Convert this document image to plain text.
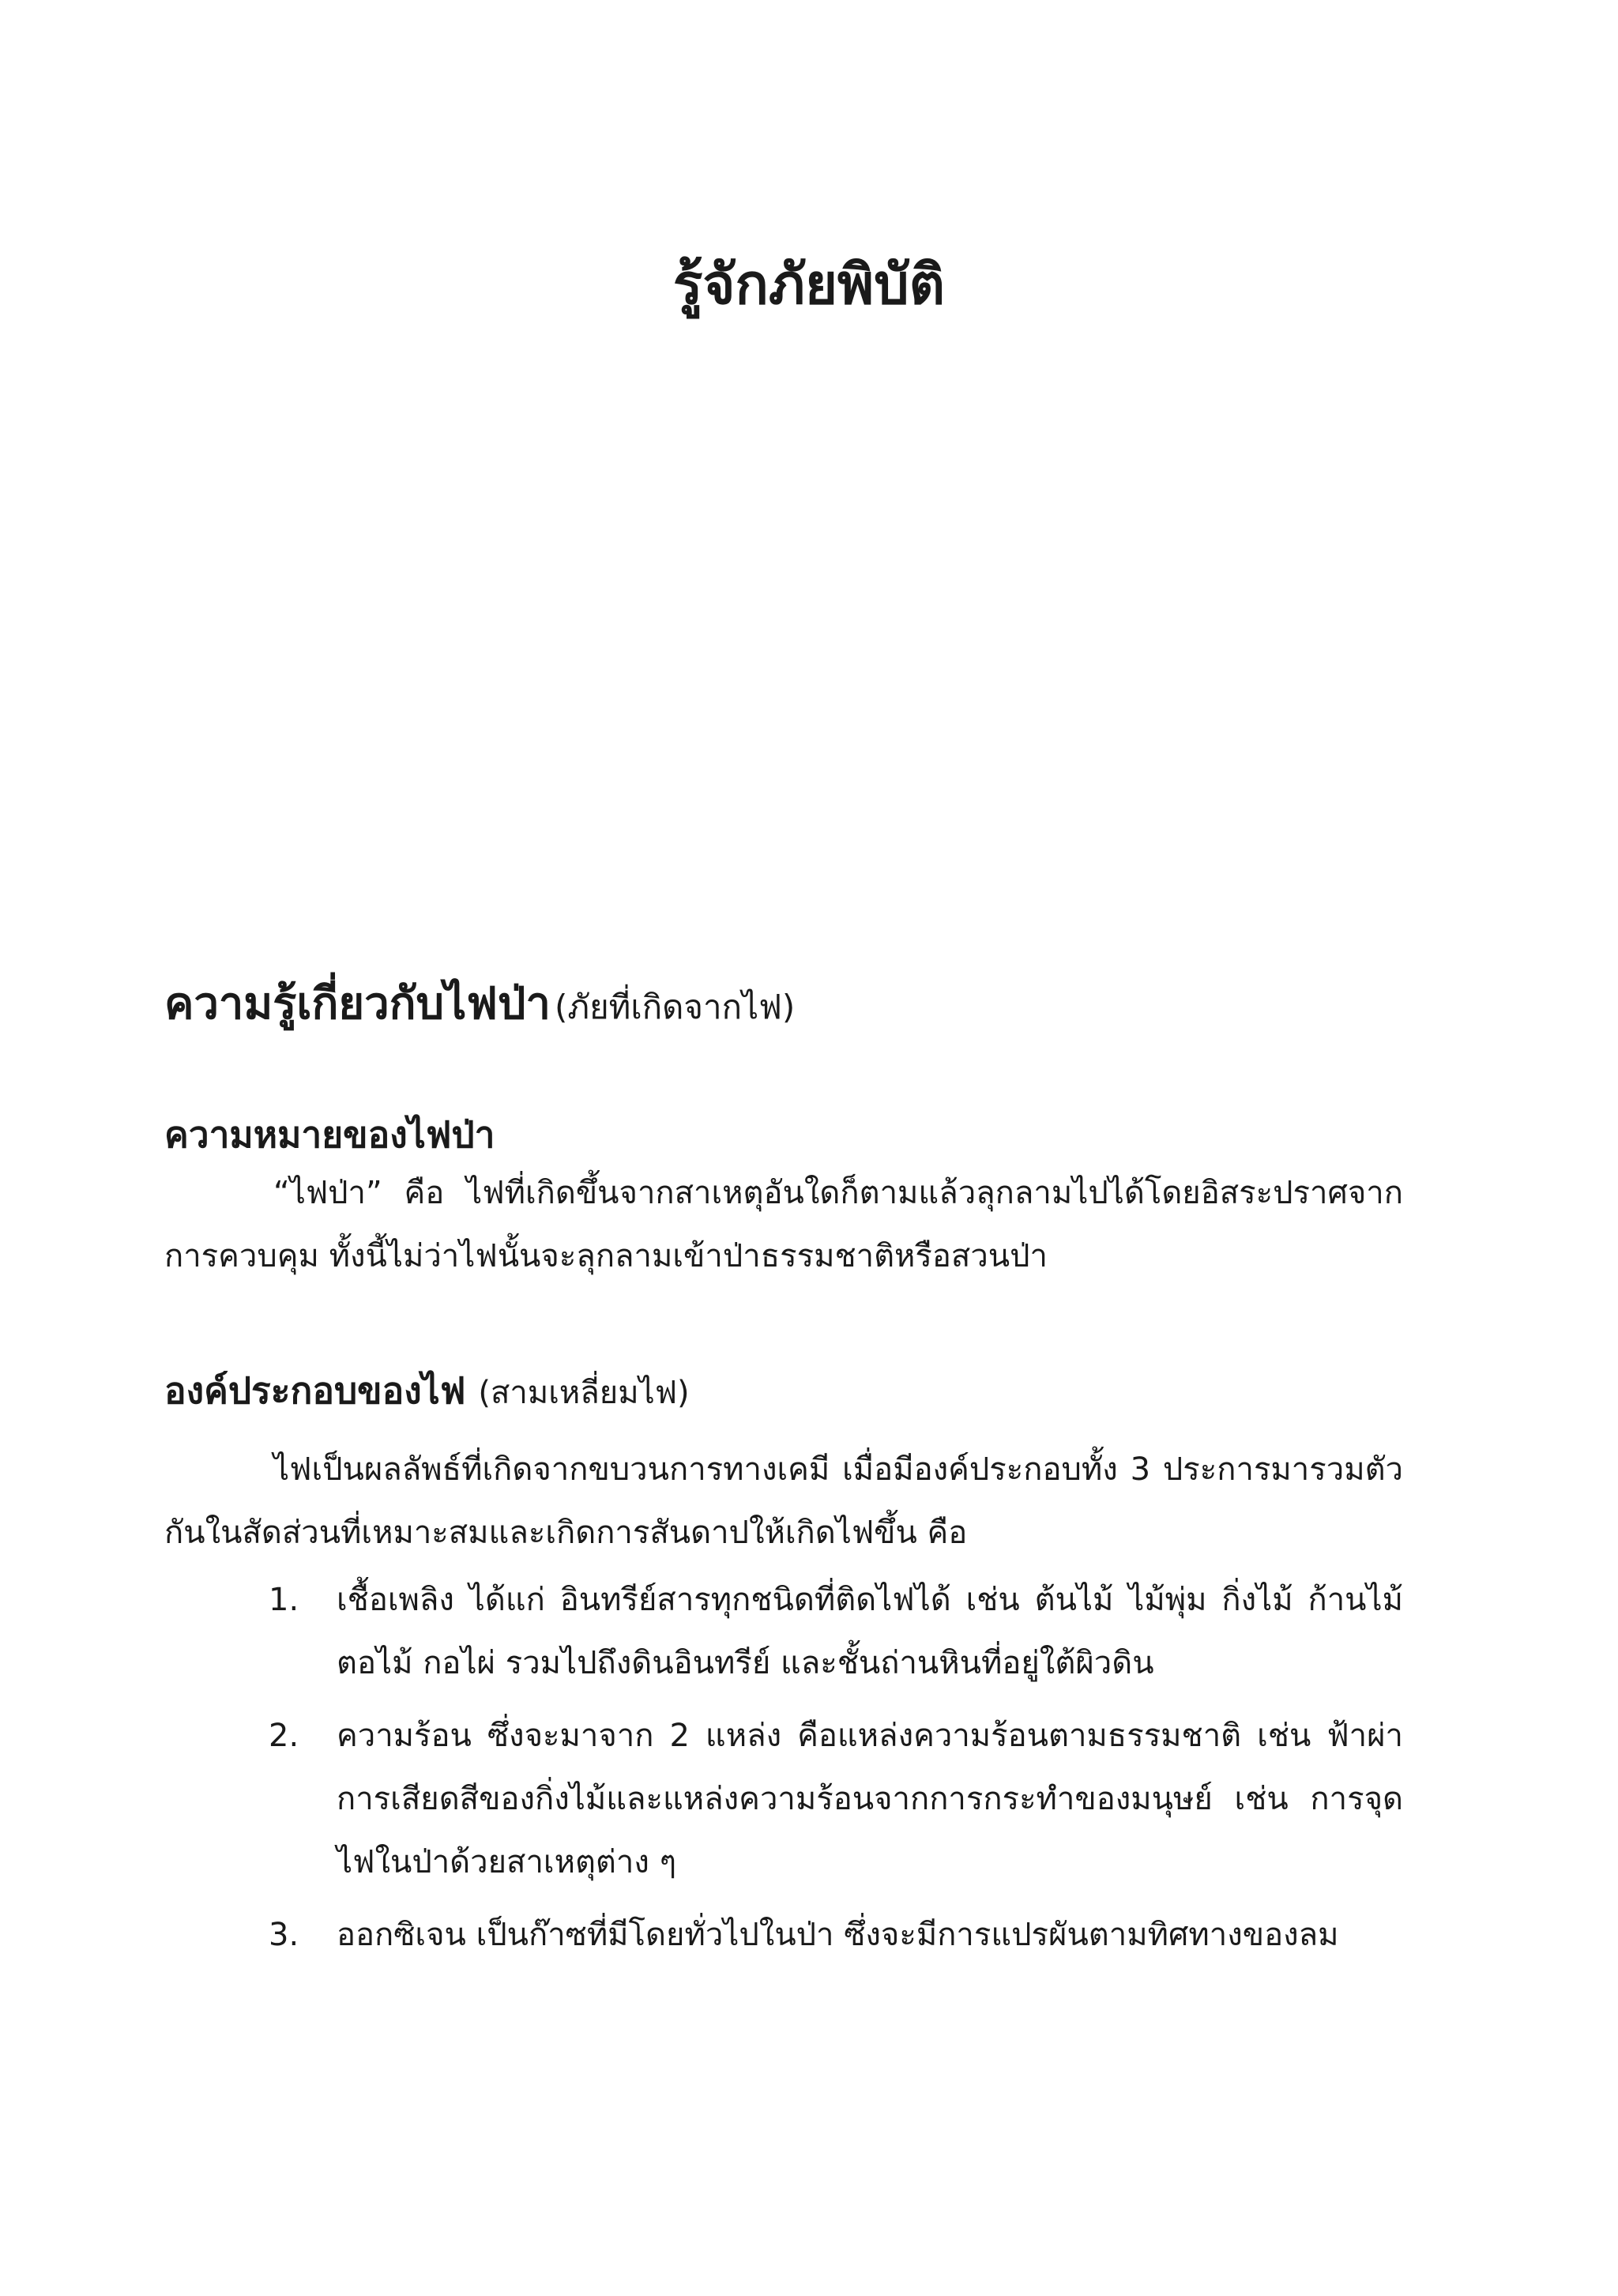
รู้จักภัยพิบัติ
ความรู้เกี่ยวกับไฟป่า (ภัยที่เกิดจากไฟ)
ความหมายของไฟป่า
“ไฟป่า” คือ ไฟที่เกิดขึ้นจากสาเหตุอันใดก็ตามแล้วลุกลามไปได้โดยอิสระปราศจากการควบคุม ทั้งนี้ไม่ว่าไฟนั้นจะลุกลามเข้าป่าธรรมชาติหรือสวนป่า
องค์ประกอบของไฟ (สามเหลี่ยมไฟ)
ไฟเป็นผลลัพธ์ที่เกิดจากขบวนการทางเคมี เมื่อมีองค์ประกอบทั้ง 3 ประการมารวมตัวกันในสัดส่วนที่เหมาะสมและเกิดการสันดาปให้เกิดไฟขึ้น คือ
1.	เชื้อเพลิง ได้แก่ อินทรีย์สารทุกชนิดที่ติดไฟได้ เช่น ต้นไม้ ไม้พุ่ม กิ่งไม้ ก้านไม้ ตอไม้ กอไผ่ รวมไปถึงดินอินทรีย์ และชั้นถ่านหินที่อยู่ใต้ผิวดิน
2.	ความร้อน ซึ่งจะมาจาก 2 แหล่ง คือแหล่งความร้อนตามธรรมชาติ เช่น ฟ้าผ่า การเสียดสีของกิ่งไม้และแหล่งความร้อนจากการกระทำของมนุษย์ เช่น การจุดไฟในป่าด้วยสาเหตุต่าง ๆ
3.	ออกซิเจน เป็นก๊าซที่มีโดยทั่วไปในป่า ซึ่งจะมีการแปรผันตามทิศทางของลม
